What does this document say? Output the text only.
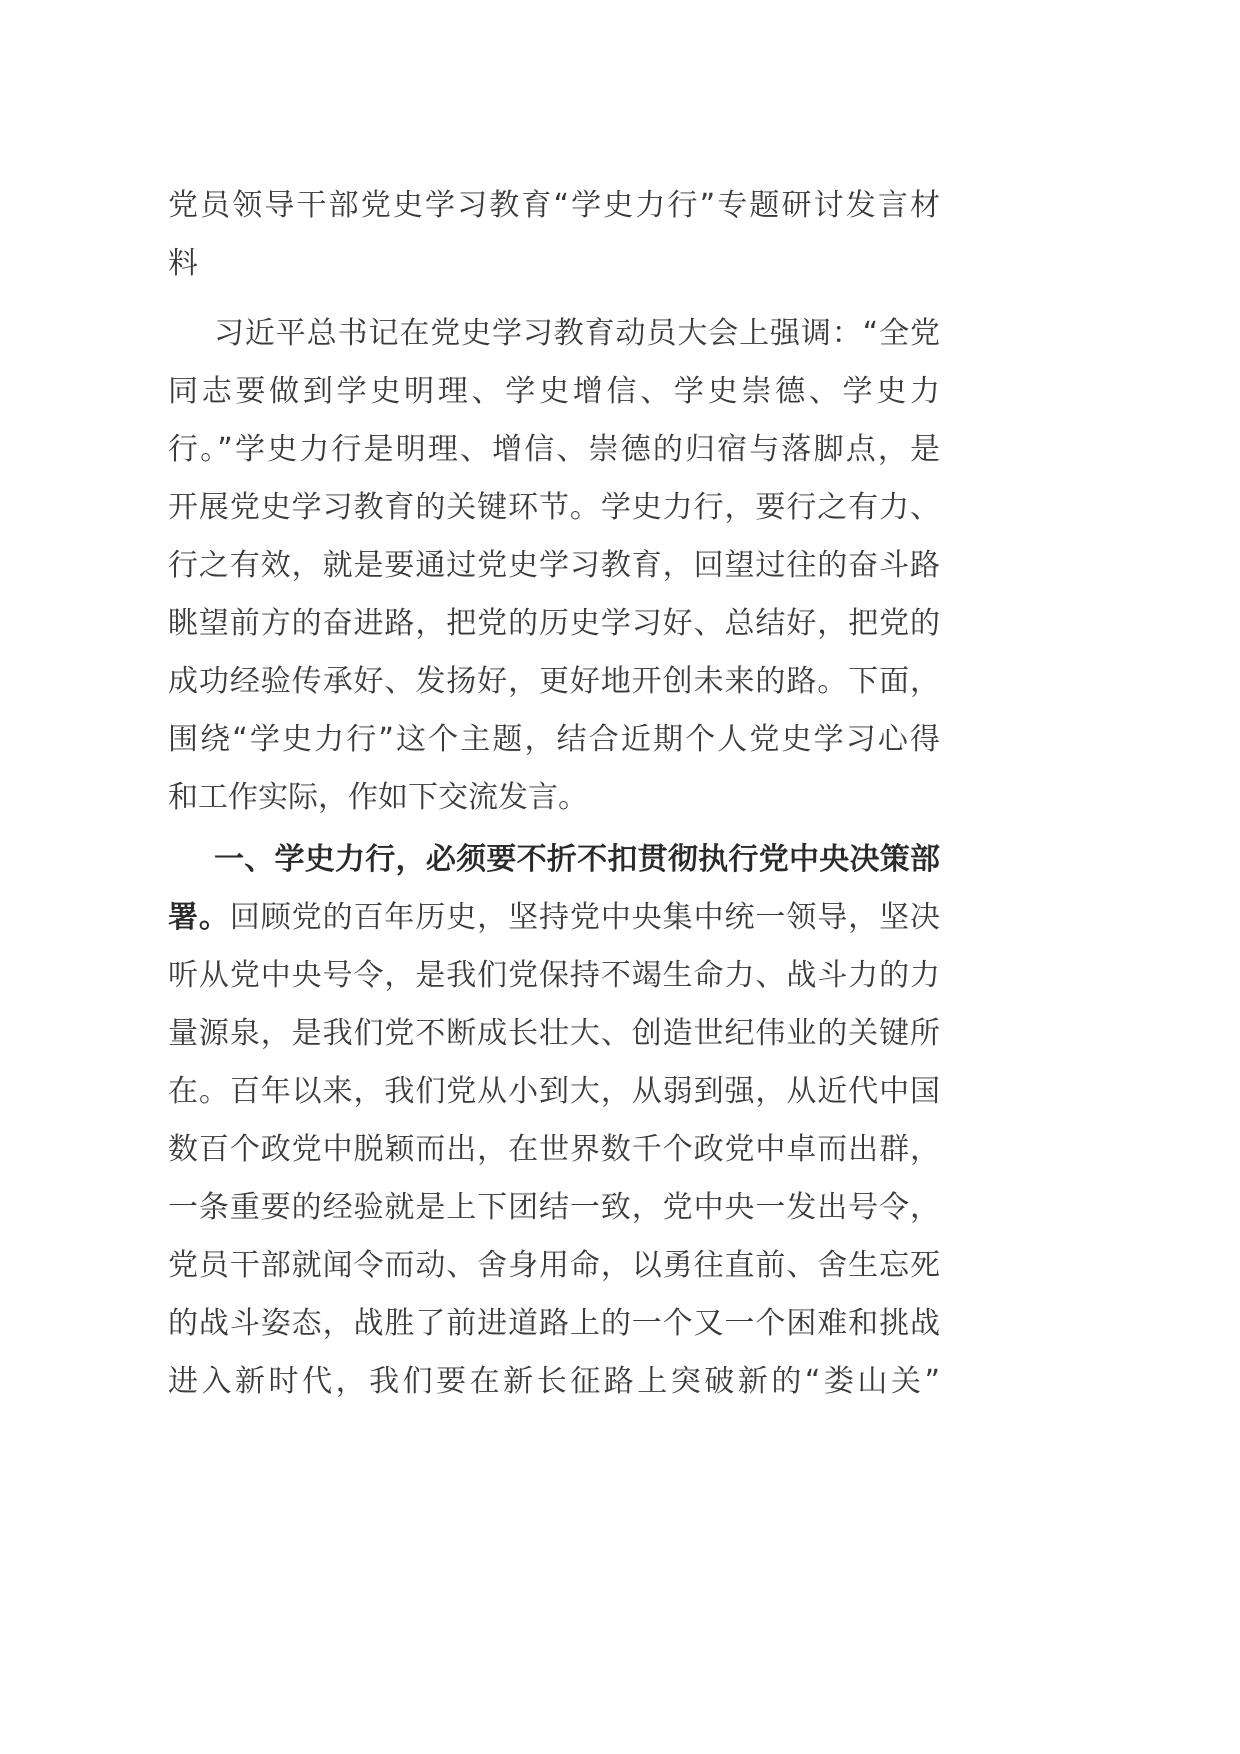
党员领导干部党史学习教育“学史力行”专题研讨发言材
料
习近平总书记在党史学习教育动员大会上强调：“全党
同志要做到学史明理、学史增信、学史崇德、学史力
行。”学史力行是明理、增信、崇德的归宿与落脚点，是
开展党史学习教育的关键环节。学史力行，要行之有力、
行之有效，就是要通过党史学习教育，回望过往的奋斗路
眺望前方的奋进路，把党的历史学习好、总结好，把党的
成功经验传承好、发扬好，更好地开创未来的路。下面，
围绕“学史力行”这个主题，结合近期个人党史学习心得
和工作实际，作如下交流发言。
一、学史力行，必须要不折不扣贯彻执行党中央决策部
署。回顾党的百年历史，坚持党中央集中统一领导，坚决
听从党中央号令，是我们党保持不竭生命力、战斗力的力
量源泉，是我们党不断成长壮大、创造世纪伟业的关键所
在。百年以来，我们党从小到大，从弱到强，从近代中国
数百个政党中脱颖而出，在世界数千个政党中卓而出群，
一条重要的经验就是上下团结一致，党中央一发出号令，
党员干部就闻令而动、舍身用命，以勇往直前、舍生忘死
的战斗姿态，战胜了前进道路上的一个又一个困难和挑战
进入新时代，我们要在新长征路上突破新的“娄山关”
